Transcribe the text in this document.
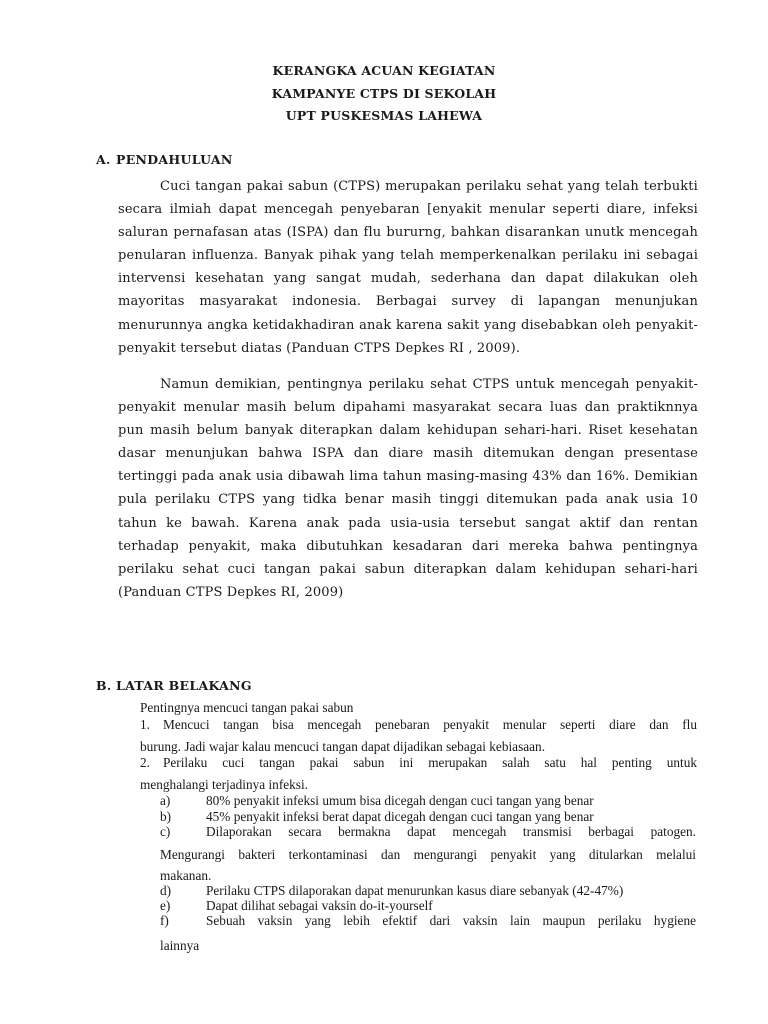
KERANGKA ACUAN KEGIATAN
KAMPANYE CTPS DI SEKOLAH
UPT PUSKESMAS LAHEWA
A. PENDAHULUAN

Cuci tangan pakai sabun (CTPS) merupakan perilaku sehat yang telah terbukti secara ilmiah dapat mencegah penyebaran [enyakit menular seperti diare, infeksi saluran pernafasan atas (ISPA) dan flu bururng, bahkan disarankan unutk mencegah penularan influenza. Banyak pihak yang telah memperkenalkan perilaku ini sebagai intervensi kesehatan yang sangat mudah, sederhana dan dapat dilakukan oleh mayoritas masyarakat indonesia. Berbagai survey di lapangan menunjukan menurunnya angka ketidakhadiran anak karena sakit yang disebabkan oleh penyakit-penyakit tersebut diatas (Panduan CTPS Depkes RI , 2009).

Namun demikian, pentingnya perilaku sehat CTPS untuk mencegah penyakit-penyakit menular masih belum dipahami masyarakat secara luas dan praktiknnya pun masih belum banyak diterapkan dalam kehidupan sehari-hari. Riset kesehatan dasar menunjukan bahwa ISPA dan diare masih ditemukan dengan presentase tertinggi pada anak usia dibawah lima tahun masing-masing 43% dan 16%. Demikian pula perilaku CTPS yang tidka benar masih tinggi ditemukan pada anak usia 10 tahun ke bawah. Karena anak pada usia-usia tersebut sangat aktif dan rentan terhadap penyakit, maka dibutuhkan kesadaran dari mereka bahwa pentingnya perilaku sehat cuci tangan pakai sabun diterapkan dalam kehidupan sehari-hari (Panduan CTPS Depkes RI, 2009)

B. LATAR BELAKANG
Pentingnya mencuci tangan pakai sabun
1. Mencuci tangan bisa mencegah penebaran penyakit menular seperti diare dan flu
burung. Jadi wajar kalau mencuci tangan dapat dijadikan sebagai kebiasaan.
2. Perilaku cuci tangan pakai sabun ini merupakan salah satu hal penting untuk
menghalangi terjadinya infeksi.
a)	80% penyakit infeksi umum bisa dicegah dengan cuci tangan yang benar
b)	45% penyakit infeksi berat dapat dicegah dengan cuci tangan yang benar
c)	Dilaporakan secara bermakna dapat mencegah transmisi berbagai patogen.
Mengurangi bakteri terkontaminasi dan mengurangi penyakit yang ditularkan melalui
makanan.
d)	Perilaku CTPS dilaporakan dapat menurunkan kasus diare sebanyak (42-47%)
e)	Dapat dilihat sebagai vaksin do-it-yourself
f)	Sebuah vaksin yang lebih efektif dari vaksin lain maupun perilaku hygiene
lainnya
